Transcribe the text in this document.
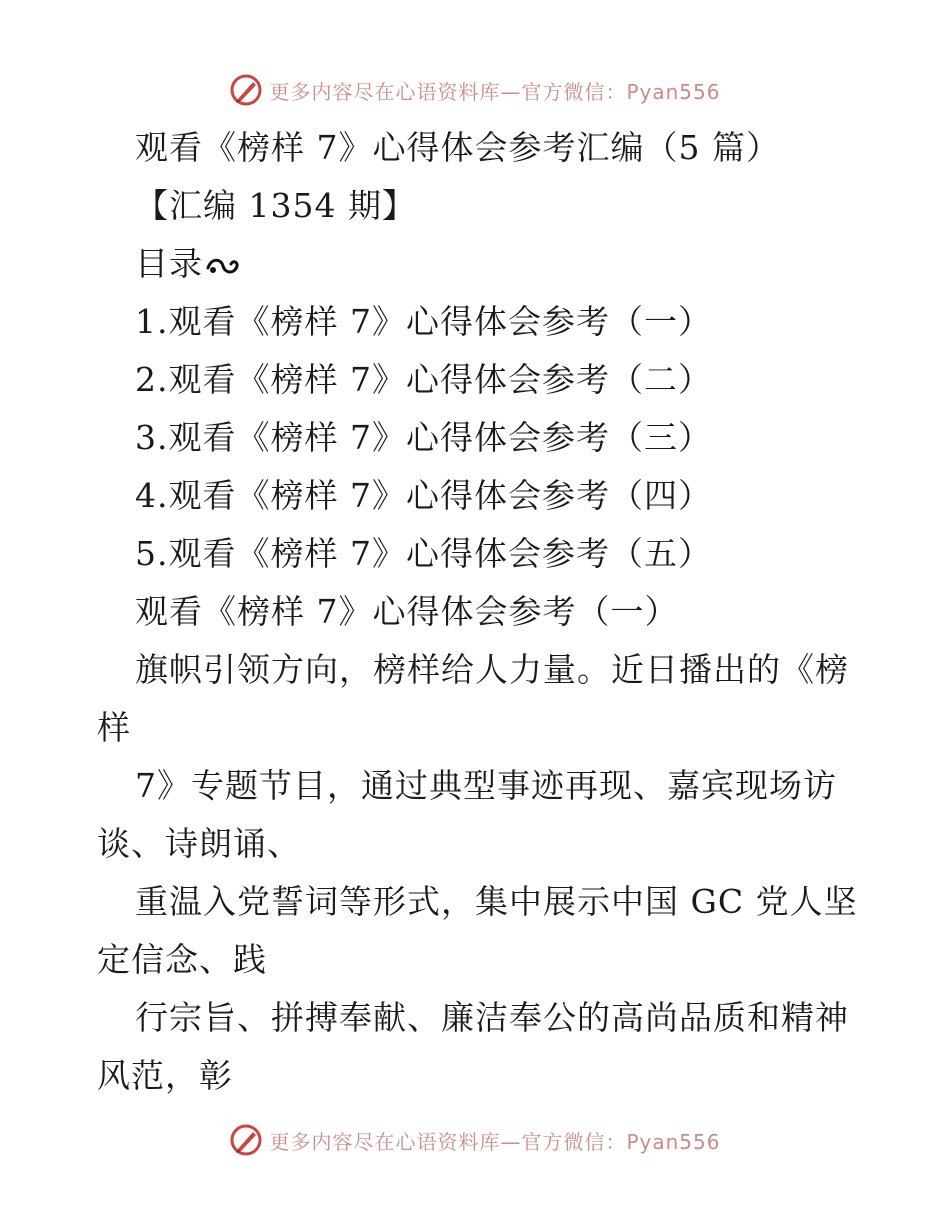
更多内容尽在心语资料库—官方微信：Pyan556
观看《榜样 7》心得体会参考汇编（5 篇）
【汇编 1354 期】
目录
1.观看《榜样 7》心得体会参考（一）
2.观看《榜样 7》心得体会参考（二）
3.观看《榜样 7》心得体会参考（三）
4.观看《榜样 7》心得体会参考（四）
5.观看《榜样 7》心得体会参考（五）
观看《榜样 7》心得体会参考（一）
旗帜引领方向，榜样给人力量。近日播出的《榜
样
7》专题节目，通过典型事迹再现、嘉宾现场访
谈、诗朗诵、
重温入党誓词等形式，集中展示中国 GC 党人坚
定信念、践
行宗旨、拼搏奉献、廉洁奉公的高尚品质和精神
风范，彰
更多内容尽在心语资料库—官方微信：Pyan556
